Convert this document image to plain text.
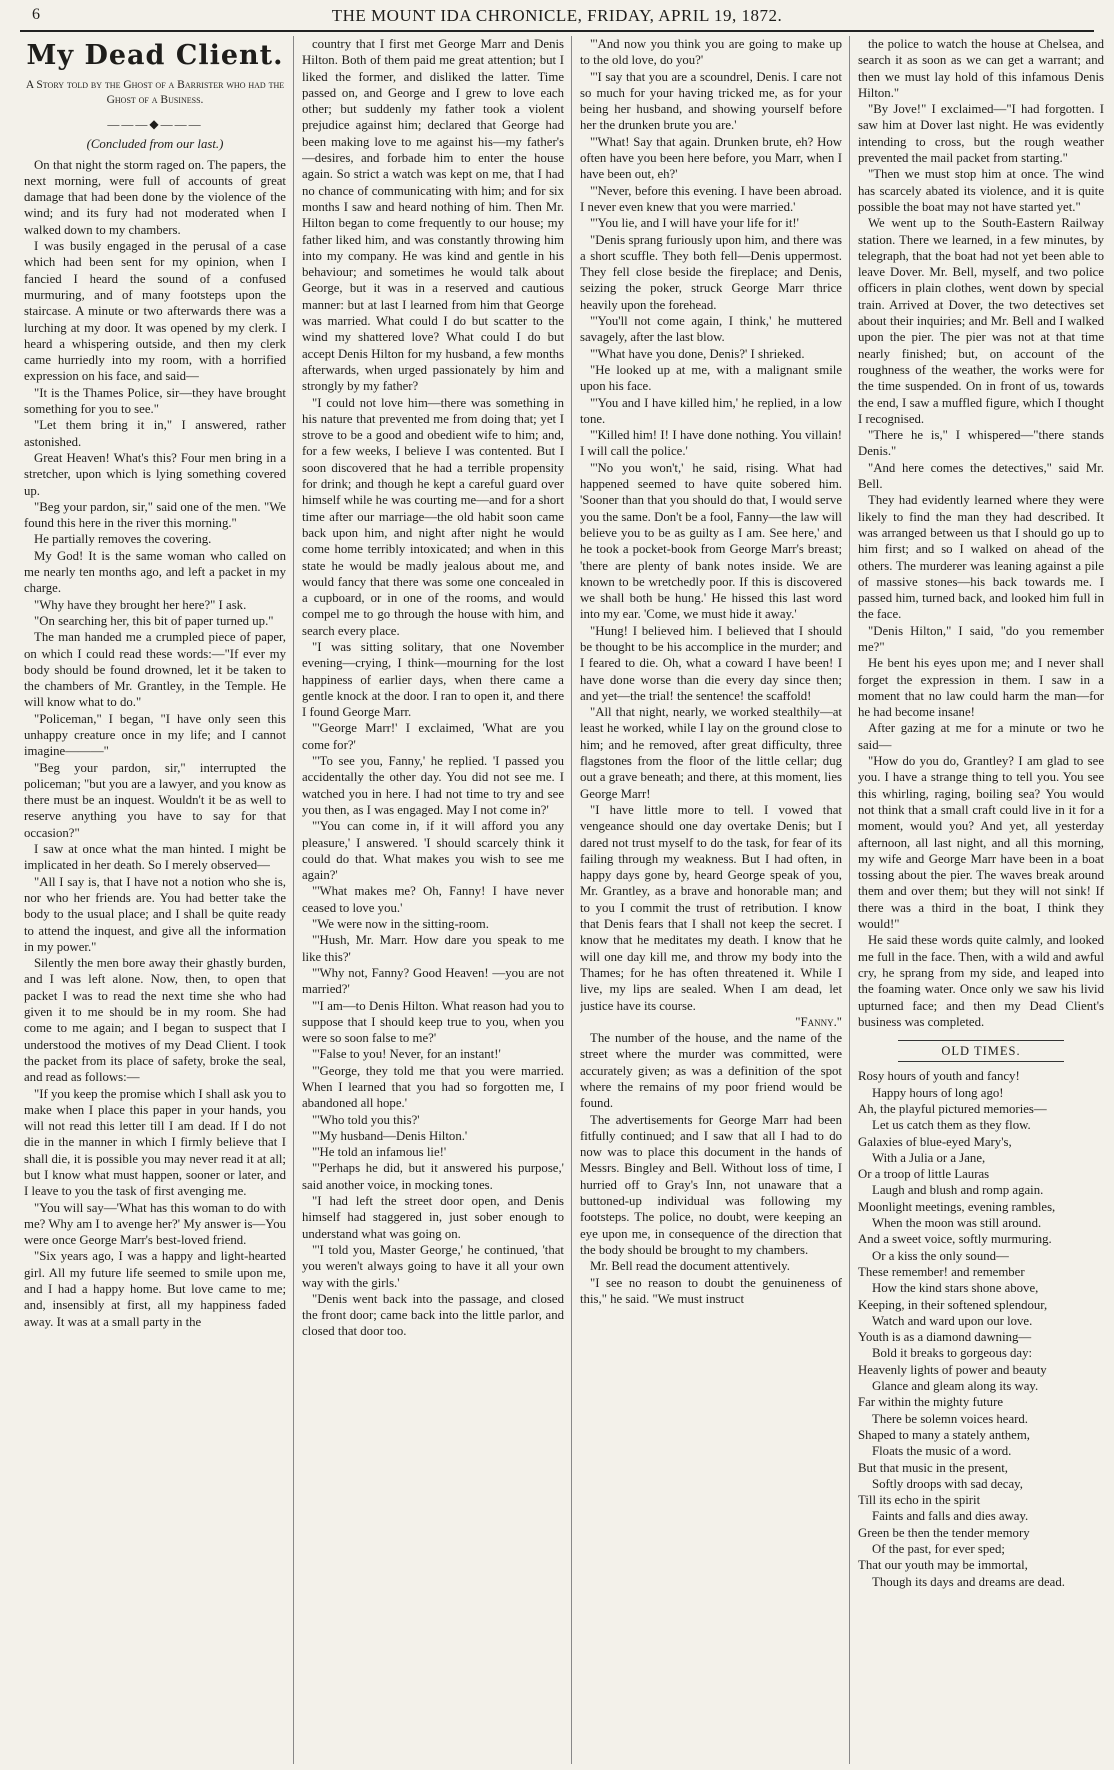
6	THE MOUNT IDA CHRONICLE, FRIDAY, APRIL 19, 1872.
My Dead Client.
A Story told by the Ghost of a Barrister who had the Ghost of a Business.
———◆———
(Concluded from our last.)

On that night the storm raged on. The papers, the next morning, were full of accounts of great damage that had been done by the violence of the wind; and its fury had not moderated when I walked down to my chambers.

I was busily engaged in the perusal of a case which had been sent for my opinion, when I fancied I heard the sound of a confused murmuring, and of many footsteps upon the staircase. A minute or two afterwards there was a lurching at my door. It was opened by my clerk. I heard a whispering outside, and then my clerk came hurriedly into my room, with a horrified expression on his face, and said—

"It is the Thames Police, sir—they have brought something for you to see."

"Let them bring it in," I answered, rather astonished.

Great Heaven! What's this? Four men bring in a stretcher, upon which is lying something covered up.

"Beg your pardon, sir," said one of the men. "We found this here in the river this morning."

He partially removes the covering.

My God! It is the same woman who called on me nearly ten months ago, and left a packet in my charge.

"Why have they brought her here?" I ask.

"On searching her, this bit of paper turned up."

The man handed me a crumpled piece of paper, on which I could read these words:—"If ever my body should be found drowned, let it be taken to the chambers of Mr. Grantley, in the Temple. He will know what to do."

"Policeman," I began, "I have only seen this unhappy creature once in my life; and I cannot imagine———"

"Beg your pardon, sir," interrupted the policeman; "but you are a lawyer, and you know as there must be an inquest. Wouldn't it be as well to reserve anything you have to say for that occasion?"

I saw at once what the man hinted. I might be implicated in her death. So I merely observed—

"All I say is, that I have not a notion who she is, nor who her friends are. You had better take the body to the usual place; and I shall be quite ready to attend the inquest, and give all the information in my power."

Silently the men bore away their ghastly burden, and I was left alone. Now, then, to open that packet I was to read the next time she who had given it to me should be in my room. She had come to me again; and I began to suspect that I understood the motives of my Dead Client. I took the packet from its place of safety, broke the seal, and read as follows:—

"If you keep the promise which I shall ask you to make when I place this paper in your hands, you will not read this letter till I am dead. If I do not die in the manner in which I firmly believe that I shall die, it is possible you may never read it at all; but I know what must happen, sooner or later, and I leave to you the task of first avenging me.

"You will say—'What has this woman to do with me? Why am I to avenge her?' My answer is—You were once George Marr's best-loved friend.

"Six years ago, I was a happy and light-hearted girl. All my future life seemed to smile upon me, and I had a happy home. But love came to me; and, insensibly at first, all my happiness faded away. It was at a small party in the

country that I first met George Marr and Denis Hilton. Both of them paid me great attention; but I liked the former, and disliked the latter. Time passed on, and George and I grew to love each other; but suddenly my father took a violent prejudice against him; declared that George had been making love to me against his—my father's—desires, and forbade him to enter the house again. So strict a watch was kept on me, that I had no chance of communicating with him; and for six months I saw and heard nothing of him. Then Mr. Hilton began to come frequently to our house; my father liked him, and was constantly throwing him into my company. He was kind and gentle in his behaviour; and sometimes he would talk about George, but it was in a reserved and cautious manner: but at last I learned from him that George was married. What could I do but scatter to the wind my shattered love? What could I do but accept Denis Hilton for my husband, a few months afterwards, when urged passionately by him and strongly by my father?

"I could not love him—there was something in his nature that prevented me from doing that; yet I strove to be a good and obedient wife to him; and, for a few weeks, I believe I was contented. But I soon discovered that he had a terrible propensity for drink; and though he kept a careful guard over himself while he was courting me—and for a short time after our marriage—the old habit soon came back upon him, and night after night he would come home terribly intoxicated; and when in this state he would be madly jealous about me, and would fancy that there was some one concealed in a cupboard, or in one of the rooms, and would compel me to go through the house with him, and search every place.

"I was sitting solitary, that one November evening—crying, I think—mourning for the lost happiness of earlier days, when there came a gentle knock at the door. I ran to open it, and there I found George Marr.

"'George Marr!' I exclaimed, 'What are you come for?'

"'To see you, Fanny,' he replied. 'I passed you accidentally the other day. You did not see me. I watched you in here. I had not time to try and see you then, as I was engaged. May I not come in?'

"'You can come in, if it will afford you any pleasure,' I answered. 'I should scarcely think it could do that. What makes you wish to see me again?'

"'What makes me? Oh, Fanny! I have never ceased to love you.'

"We were now in the sitting-room.

"'Hush, Mr. Marr. How dare you speak to me like this?'

"'Why not, Fanny? Good Heaven! —you are not married?'

"'I am—to Denis Hilton. What reason had you to suppose that I should keep true to you, when you were so soon false to me?'

"'False to you! Never, for an instant!'

"'George, they told me that you were married. When I learned that you had so forgotten me, I abandoned all hope.'

"'Who told you this?'

"'My husband—Denis Hilton.'

"'He told an infamous lie!'

"'Perhaps he did, but it answered his purpose,' said another voice, in mocking tones.

"I had left the street door open, and Denis himself had staggered in, just sober enough to understand what was going on.

"'I told you, Master George,' he continued, 'that you weren't always going to have it all your own way with the girls.'

"Denis went back into the passage, and closed the front door; came back into the little parlor, and closed that door too.

"'And now you think you are going to make up to the old love, do you?'

"'I say that you are a scoundrel, Denis. I care not so much for your having tricked me, as for your being her husband, and showing yourself before her the drunken brute you are.'

"'What! Say that again. Drunken brute, eh? How often have you been here before, you Marr, when I have been out, eh?'

"'Never, before this evening. I have been abroad. I never even knew that you were married.'

"'You lie, and I will have your life for it!'

"Denis sprang furiously upon him, and there was a short scuffle. They both fell—Denis uppermost. They fell close beside the fireplace; and Denis, seizing the poker, struck George Marr thrice heavily upon the forehead.

"'You'll not come again, I think,' he muttered savagely, after the last blow.

"'What have you done, Denis?' I shrieked.

"He looked up at me, with a malignant smile upon his face.

"'You and I have killed him,' he replied, in a low tone.

"'Killed him! I! I have done nothing. You villain! I will call the police.'

"'No you won't,' he said, rising. What had happened seemed to have quite sobered him. 'Sooner than that you should do that, I would serve you the same. Don't be a fool, Fanny—the law will believe you to be as guilty as I am. See here,' and he took a pocket-book from George Marr's breast; 'there are plenty of bank notes inside. We are known to be wretchedly poor. If this is discovered we shall both be hung.' He hissed this last word into my ear. 'Come, we must hide it away.'

"Hung! I believed him. I believed that I should be thought to be his accomplice in the murder; and I feared to die. Oh, what a coward I have been! I have done worse than die every day since then; and yet—the trial! the sentence! the scaffold!

"All that night, nearly, we worked stealthily—at least he worked, while I lay on the ground close to him; and he removed, after great difficulty, three flagstones from the floor of the little cellar; dug out a grave beneath; and there, at this moment, lies George Marr!

"I have little more to tell. I vowed that vengeance should one day overtake Denis; but I dared not trust myself to do the task, for fear of its failing through my weakness. But I had often, in happy days gone by, heard George speak of you, Mr. Grantley, as a brave and honorable man; and to you I commit the trust of retribution. I know that Denis fears that I shall not keep the secret. I know that he meditates my death. I know that he will one day kill me, and throw my body into the Thames; for he has often threatened it. While I live, my lips are sealed. When I am dead, let justice have its course.

"Fanny."

The number of the house, and the name of the street where the murder was committed, were accurately given; as was a definition of the spot where the remains of my poor friend would be found.

The advertisements for George Marr had been fitfully continued; and I saw that all I had to do now was to place this document in the hands of Messrs. Bingley and Bell. Without loss of time, I hurried off to Gray's Inn, not unaware that a buttoned-up individual was following my footsteps. The police, no doubt, were keeping an eye upon me, in consequence of the direction that the body should be brought to my chambers.

Mr. Bell read the document attentively.

"I see no reason to doubt the genuineness of this," he said. "We must instruct

the police to watch the house at Chelsea, and search it as soon as we can get a warrant; and then we must lay hold of this infamous Denis Hilton."

"By Jove!" I exclaimed—"I had forgotten. I saw him at Dover last night. He was evidently intending to cross, but the rough weather prevented the mail packet from starting."

"Then we must stop him at once. The wind has scarcely abated its violence, and it is quite possible the boat may not have started yet."

We went up to the South-Eastern Railway station. There we learned, in a few minutes, by telegraph, that the boat had not yet been able to leave Dover. Mr. Bell, myself, and two police officers in plain clothes, went down by special train. Arrived at Dover, the two detectives set about their inquiries; and Mr. Bell and I walked upon the pier. The pier was not at that time nearly finished; but, on account of the roughness of the weather, the works were for the time suspended. On in front of us, towards the end, I saw a muffled figure, which I thought I recognised.

"There he is," I whispered—"there stands Denis."

"And here comes the detectives," said Mr. Bell.

They had evidently learned where they were likely to find the man they had described. It was arranged between us that I should go up to him first; and so I walked on ahead of the others. The murderer was leaning against a pile of massive stones—his back towards me. I passed him, turned back, and looked him full in the face.

"Denis Hilton," I said, "do you remember me?"

He bent his eyes upon me; and I never shall forget the expression in them. I saw in a moment that no law could harm the man—for he had become insane!

After gazing at me for a minute or two he said—

"How do you do, Grantley? I am glad to see you. I have a strange thing to tell you. You see this whirling, raging, boiling sea? You would not think that a small craft could live in it for a moment, would you? And yet, all yesterday afternoon, all last night, and all this morning, my wife and George Marr have been in a boat tossing about the pier. The waves break around them and over them; but they will not sink! If there was a third in the boat, I think they would!"

He said these words quite calmly, and looked me full in the face. Then, with a wild and awful cry, he sprang from my side, and leaped into the foaming water. Once only we saw his livid upturned face; and then my Dead Client's business was completed.

OLD TIMES.
Rosy hours of youth and fancy!
Happy hours of long ago!
Ah, the playful pictured memories—
Let us catch them as they flow.
Galaxies of blue-eyed Mary's,
With a Julia or a Jane,
Or a troop of little Lauras
Laugh and blush and romp again.
Moonlight meetings, evening rambles,
When the moon was still around.
And a sweet voice, softly murmuring.
Or a kiss the only sound—
These remember! and remember
How the kind stars shone above,
Keeping, in their softened splendour,
Watch and ward upon our love.
Youth is as a diamond dawning—
Bold it breaks to gorgeous day:
Heavenly lights of power and beauty
Glance and gleam along its way.
Far within the mighty future
There be solemn voices heard.
Shaped to many a stately anthem,
Floats the music of a word.
But that music in the present,
Softly droops with sad decay,
Till its echo in the spirit
Faints and falls and dies away.
Green be then the tender memory
Of the past, for ever sped;
That our youth may be immortal,
Though its days and dreams are dead.
